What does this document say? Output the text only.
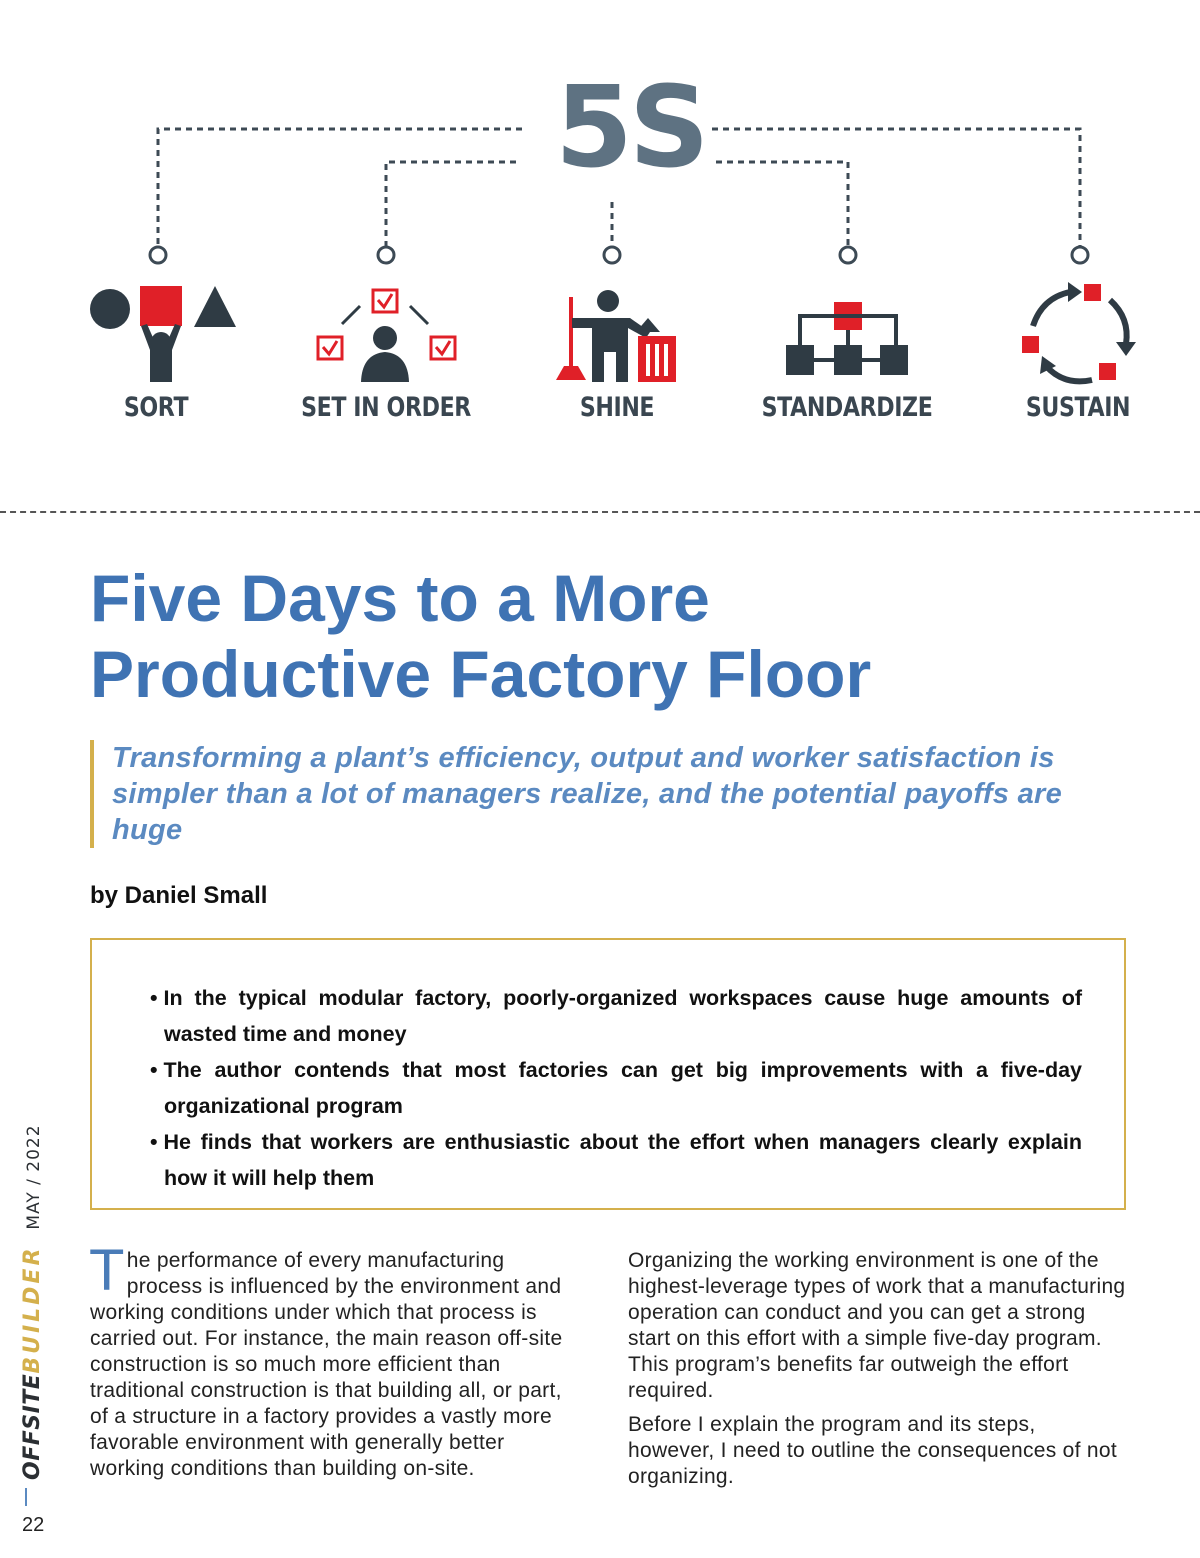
5S
SORT	SET IN ORDER	SHINE	STANDARDIZE	SUSTAIN
Five Days to a More
Productive Factory Floor
Transforming a plant’s efficiency, output and worker satisfaction is simpler than a lot of managers realize, and the potential payoffs are huge
by Daniel Small
• In the typical modular factory, poorly-organized workspaces cause huge amounts of wasted time and money
• The author contends that most factories can get big improvements with a five-day organizational program
• He finds that workers are enthusiastic about the effort when managers clearly explain how it will help them

The performance of every manufacturing process is influenced by the environment and working conditions under which that process is carried out. For instance, the main reason off-site construction is so much more efficient than traditional construction is that building all, or part, of a structure in a factory provides a vastly more favorable environment with generally better working conditions than building on-site.

Organizing the working environment is one of the highest-leverage types of work that a manufacturing operation can conduct and you can get a strong start on this effort with a simple five-day program. This program’s benefits far outweigh the effort required.

Before I explain the program and its steps, however, I need to outline the consequences of not organizing.

OFFSITEBUILDERMAY / 2022
22
